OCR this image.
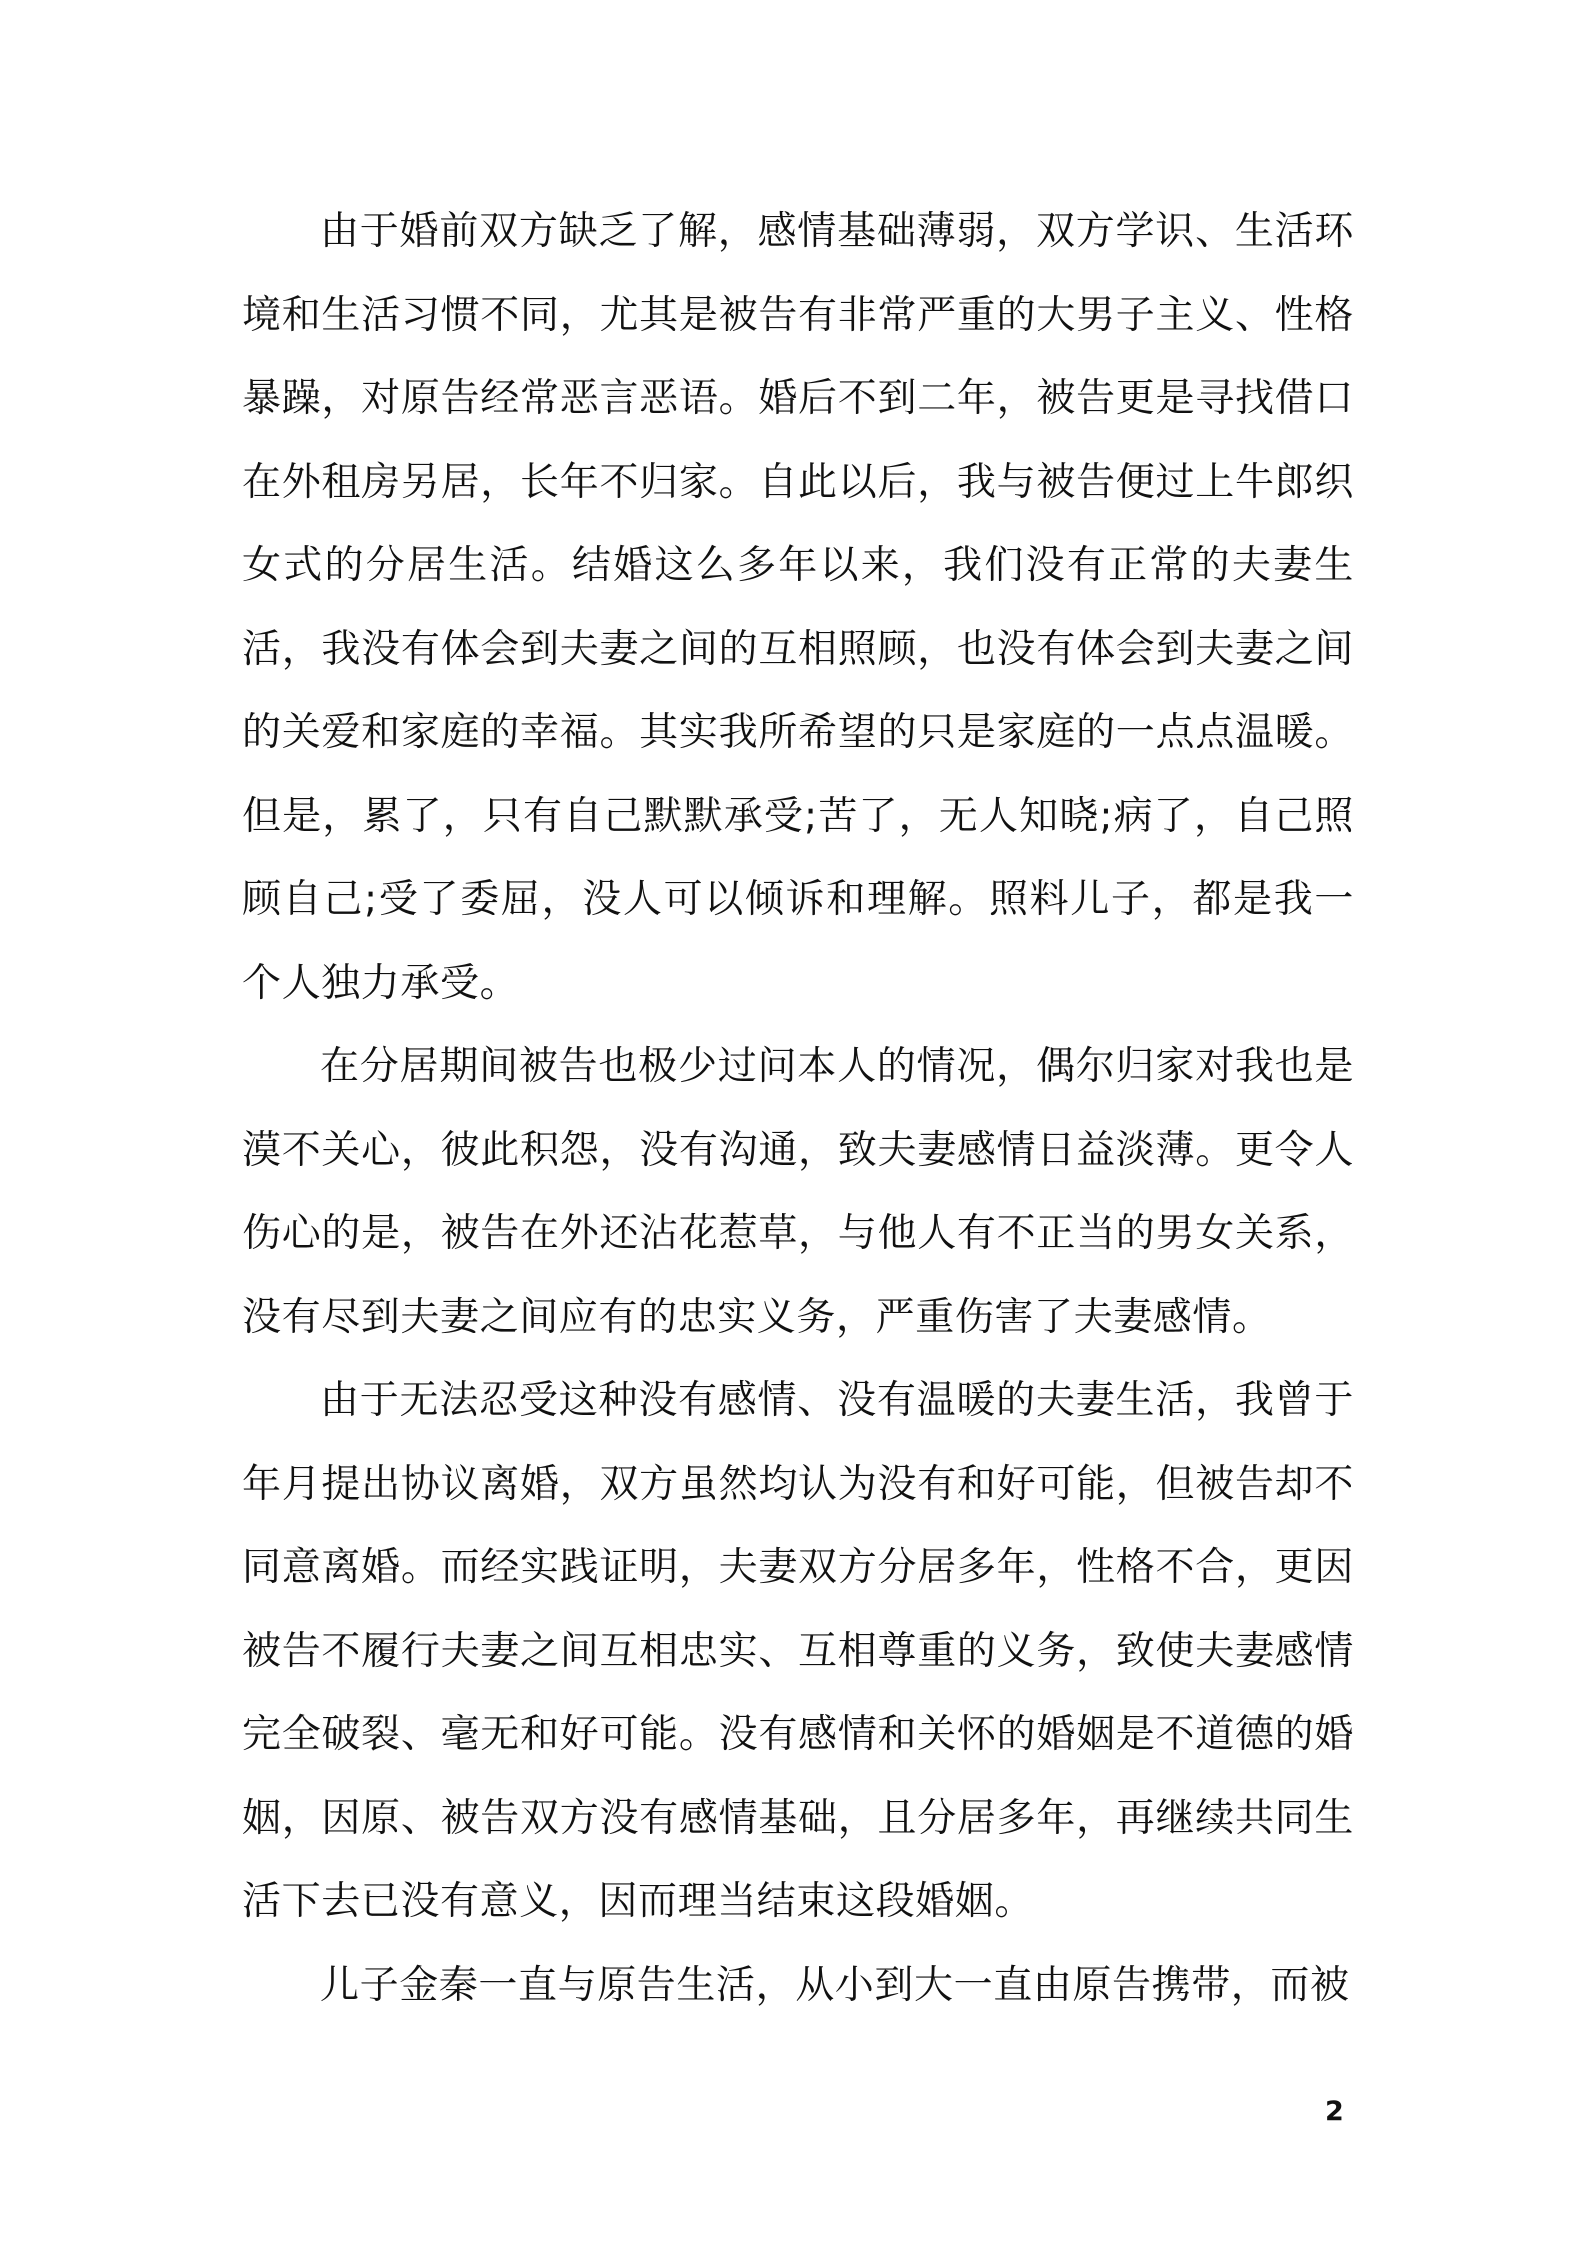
由于婚前双方缺乏了解，感情基础薄弱，双方学识、生活环境和生活习惯不同，尤其是被告有非常严重的大男子主义、性格暴躁，对原告经常恶言恶语。婚后不到二年，被告更是寻找借口在外租房另居，长年不归家。自此以后，我与被告便过上牛郎织女式的分居生活。结婚这么多年以来，我们没有正常的夫妻生活，我没有体会到夫妻之间的互相照顾，也没有体会到夫妻之间的关爱和家庭的幸福。其实我所希望的只是家庭的一点点温暖。但是，累了，只有自己默默承受;苦了，无人知晓;病了，自己照顾自己;受了委屈，没人可以倾诉和理解。照料儿子，都是我一个人独力承受。

在分居期间被告也极少过问本人的情况，偶尔归家对我也是漠不关心，彼此积怨，没有沟通，致夫妻感情日益淡薄。更令人伤心的是，被告在外还沾花惹草，与他人有不正当的男女关系，没有尽到夫妻之间应有的忠实义务，严重伤害了夫妻感情。

由于无法忍受这种没有感情、没有温暖的夫妻生活，我曾于年月提出协议离婚，双方虽然均认为没有和好可能，但被告却不同意离婚。而经实践证明，夫妻双方分居多年，性格不合，更因被告不履行夫妻之间互相忠实、互相尊重的义务，致使夫妻感情完全破裂、毫无和好可能。没有感情和关怀的婚姻是不道德的婚姻，因原、被告双方没有感情基础，且分居多年，再继续共同生活下去已没有意义，因而理当结束这段婚姻。

儿子金秦一直与原告生活，从小到大一直由原告携带，而被

2
